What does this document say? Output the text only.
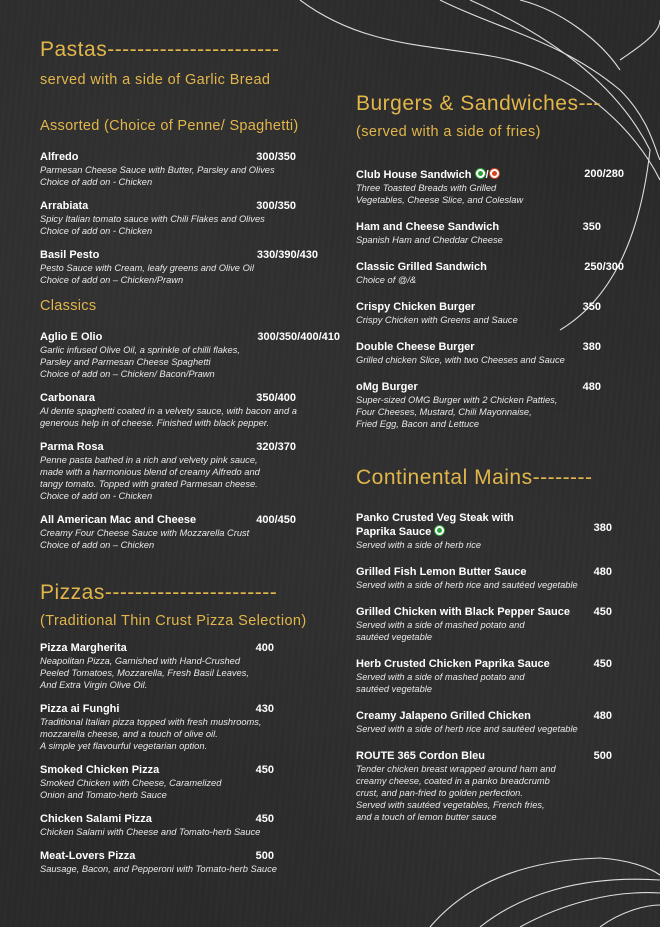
Pastas-----------------------
served with a side of Garlic Bread
Assorted (Choice of Penne/ Spaghetti)
Alfredo	300/350
Parmesan Cheese Sauce with Butter, Parsley and Olives
Choice of add on - Chicken
Arrabiata	300/350
Spicy Italian tomato sauce with Chili Flakes and Olives
Choice of add on - Chicken
Basil Pesto	330/390/430
Pesto Sauce with Cream, leafy greens and Olive Oil
Choice of add on – Chicken/Prawn
Classics
Aglio E Olio	300/350/400/410
Garlic infused Olive Oil, a sprinkle of chilli flakes,
Parsley and Parmesan Cheese Spaghetti
Choice of add on – Chicken/ Bacon/Prawn
Carbonara	350/400
Al dente spaghetti coated in a velvety sauce, with bacon and a
generous help in of cheese. Finished with black pepper.
Parma Rosa	320/370
Penne pasta bathed in a rich and velvety pink sauce,
made with a harmonious blend of creamy Alfredo and
tangy tomato. Topped with grated Parmesan cheese.
Choice of add on - Chicken
All American Mac and Cheese	400/450
Creamy Four Cheese Sauce with Mozzarella Crust
Choice of add on – Chicken
Pizzas-----------------------
(Traditional Thin Crust Pizza Selection)
Pizza Margherita	400
Neapolitan Pizza, Garnished with Hand-Crushed
Peeled Tomatoes, Mozzarella, Fresh Basil Leaves,
And Extra Virgin Olive Oil.
Pizza ai Funghi	430
Traditional Italian pizza topped with fresh mushrooms,
mozzarella cheese, and a touch of olive oil.
A simple yet flavourful vegetarian option.
Smoked Chicken Pizza	450
Smoked Chicken with Cheese, Caramelized
Onion and Tomato-herb Sauce
Chicken Salami Pizza	450
Chicken Salami with Cheese and Tomato-herb Sauce
Meat-Lovers Pizza	500
Sausage, Bacon, and Pepperoni with Tomato-herb Sauce
Burgers & Sandwiches---
(served with a side of fries)
Club House Sandwich /	200/280
Three Toasted Breads with Grilled
Vegetables, Cheese Slice, and Coleslaw
Ham and Cheese Sandwich	350
Spanish Ham and Cheddar Cheese
Classic Grilled Sandwich	250/300
Choice of @/&
Crispy Chicken Burger	350
Crispy Chicken with Greens and Sauce
Double Cheese Burger	380
Grilled chicken Slice, with two Cheeses and Sauce
oMg Burger	480
Super-sized OMG Burger with 2 Chicken Patties,
Four Cheeses, Mustard, Chili Mayonnaise,
Fried Egg, Bacon and Lettuce
Continental Mains--------
Panko Crusted Veg Steak with
Paprika Sauce	380
Served with a side of herb rice
Grilled Fish Lemon Butter Sauce	480
Served with a side of herb rice and sautéed vegetable
Grilled Chicken with Black Pepper Sauce 450
Served with a side of mashed potato and
sautéed vegetable
Herb Crusted Chicken Paprika Sauce	450
Served with a side of mashed potato and
sautéed vegetable
Creamy Jalapeno Grilled Chicken	480
Served with a side of herb rice and sautéed vegetable
ROUTE 365 Cordon Bleu	500
Tender chicken breast wrapped around ham and
creamy cheese, coated in a panko breadcrumb
crust, and pan-fried to golden perfection.
Served with sautéed vegetables, French fries,
and a touch of lemon butter sauce
